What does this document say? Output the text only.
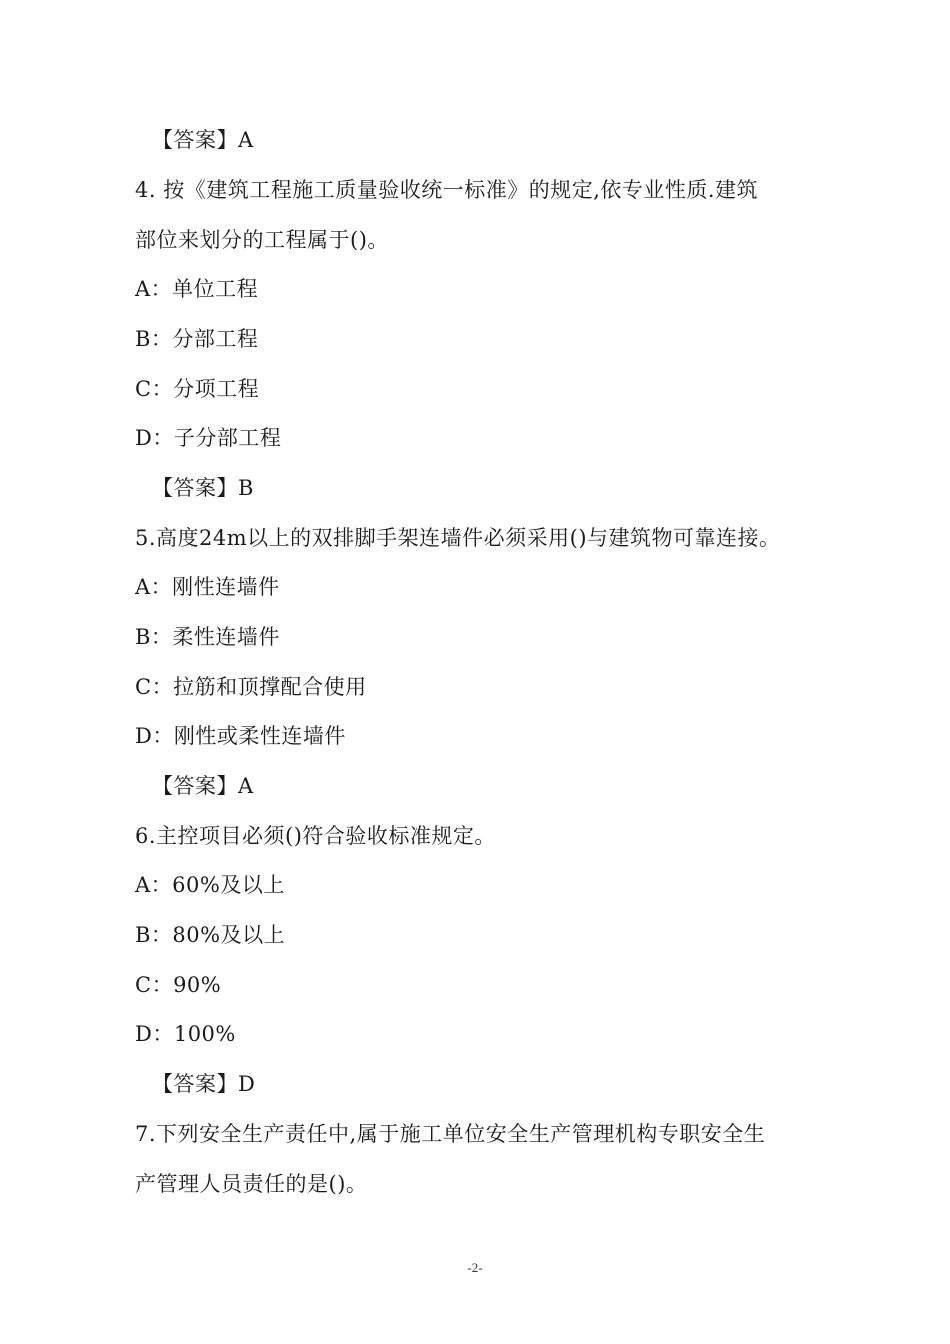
【答案】A
4. 按《建筑工程施工质量验收统一标准》的规定,依专业性质.建筑
部位来划分的工程属于()。
A：单位工程
B：分部工程
C：分项工程
D：子分部工程
【答案】B
5.高度24m以上的双排脚手架连墙件必须采用()与建筑物可靠连接。
A：刚性连墙件
B：柔性连墙件
C：拉筋和顶撑配合使用
D：刚性或柔性连墙件
【答案】A
6.主控项目必须()符合验收标准规定。
A：60%及以上
B：80%及以上
C：90%
D：100%
【答案】D
7.下列安全生产责任中,属于施工单位安全生产管理机构专职安全生
产管理人员责任的是()。
-2-
